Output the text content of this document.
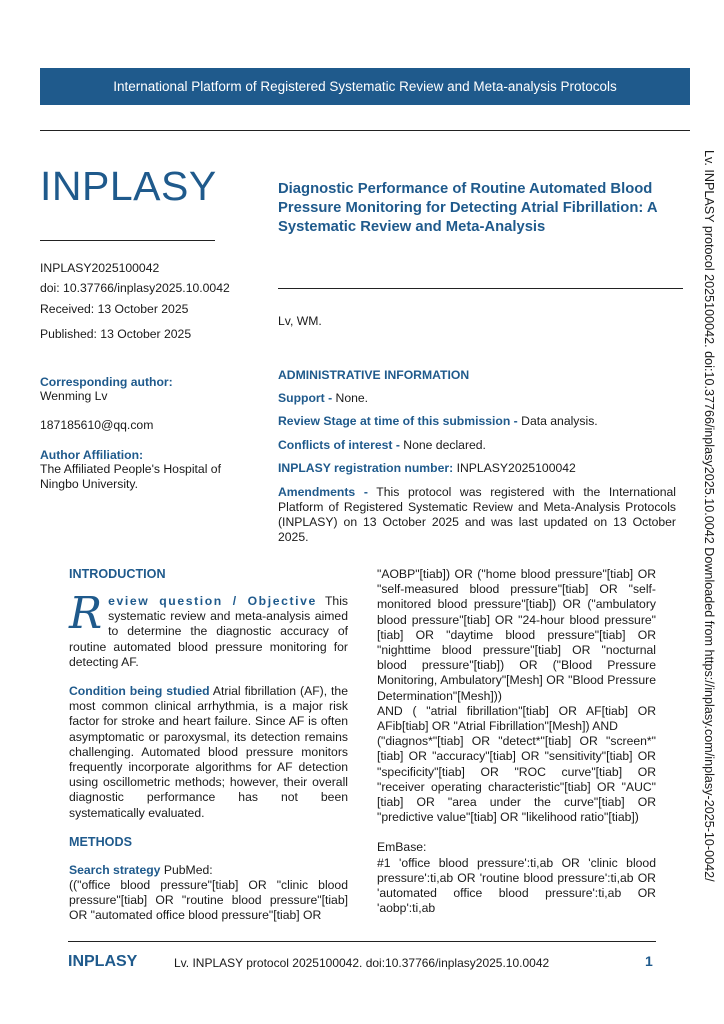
International Platform of Registered Systematic Review and Meta-analysis Protocols
INPLASY	Diagnostic Performance of Routine Automated Blood Pressure Monitoring for Detecting Atrial Fibrillation: A Systematic Review and Meta-Analysis
INPLASY2025100042
doi: 10.37766/inplasy2025.10.0042
Received: 13 October 2025
Published: 13 October 2025
Lv, WM.
Corresponding author:
Wenming Lv
187185610@qq.com
Author Affiliation:
The Affiliated People's Hospital of Ningbo University.
ADMINISTRATIVE INFORMATION
Support - None.
Review Stage at time of this submission - Data analysis.
Conflicts of interest - None declared.
INPLASY registration number: INPLASY2025100042
Amendments - This protocol was registered with the International Platform of Registered Systematic Review and Meta-Analysis Protocols (INPLASY) on 13 October 2025 and was last updated on 13 October 2025.	Lv. INPLASY protocol 2025100042. doi:10.37766/inplasy2025.10.0042 Downloaded from https://inplasy.com/inplasy-2025-10-0042/
INTRODUCTION
R eview question / Objective This systematic review and meta-analysis aimed to determine the diagnostic accuracy of routine automated blood pressure monitoring for detecting AF.
Condition being studied Atrial fibrillation (AF), the most common clinical arrhythmia, is a major risk factor for stroke and heart failure. Since AF is often asymptomatic or paroxysmal, its detection remains challenging. Automated blood pressure monitors frequently incorporate algorithms for AF detection using oscillometric methods; however, their overall diagnostic performance has not been systematically evaluated.
METHODS
Search strategy PubMed:
(("office blood pressure"[tiab] OR "clinic blood pressure"[tiab] OR "routine blood pressure"[tiab] OR "automated office blood pressure"[tiab] OR
"AOBP"[tiab]) OR ("home blood pressure"[tiab] OR "self-measured blood pressure"[tiab] OR "self-monitored blood pressure"[tiab]) OR ("ambulatory blood pressure"[tiab] OR "24-hour blood pressure"[tiab] OR "daytime blood pressure"[tiab] OR "nighttime blood pressure"[tiab] OR "nocturnal blood pressure"[tiab]) OR ("Blood Pressure Monitoring, Ambulatory"[Mesh] OR "Blood Pressure Determination"[Mesh]))
AND ( "atrial fibrillation"[tiab] OR AF[tiab] OR AFib[tiab] OR "Atrial Fibrillation"[Mesh]) AND
("diagnos*"[tiab] OR "detect*"[tiab] OR "screen*"[tiab] OR "accuracy"[tiab] OR "sensitivity"[tiab] OR "specificity"[tiab] OR "ROC curve"[tiab] OR "receiver operating characteristic"[tiab] OR "AUC"[tiab] OR "area under the curve"[tiab] OR "predictive value"[tiab] OR "likelihood ratio"[tiab])
EmBase:
#1 'office blood pressure':ti,ab OR 'clinic blood pressure':ti,ab OR 'routine blood pressure':ti,ab OR 'automated office blood pressure':ti,ab OR 'aobp':ti,ab
INPLASY	Lv. INPLASY protocol 2025100042. doi:10.37766/inplasy2025.10.0042	1
